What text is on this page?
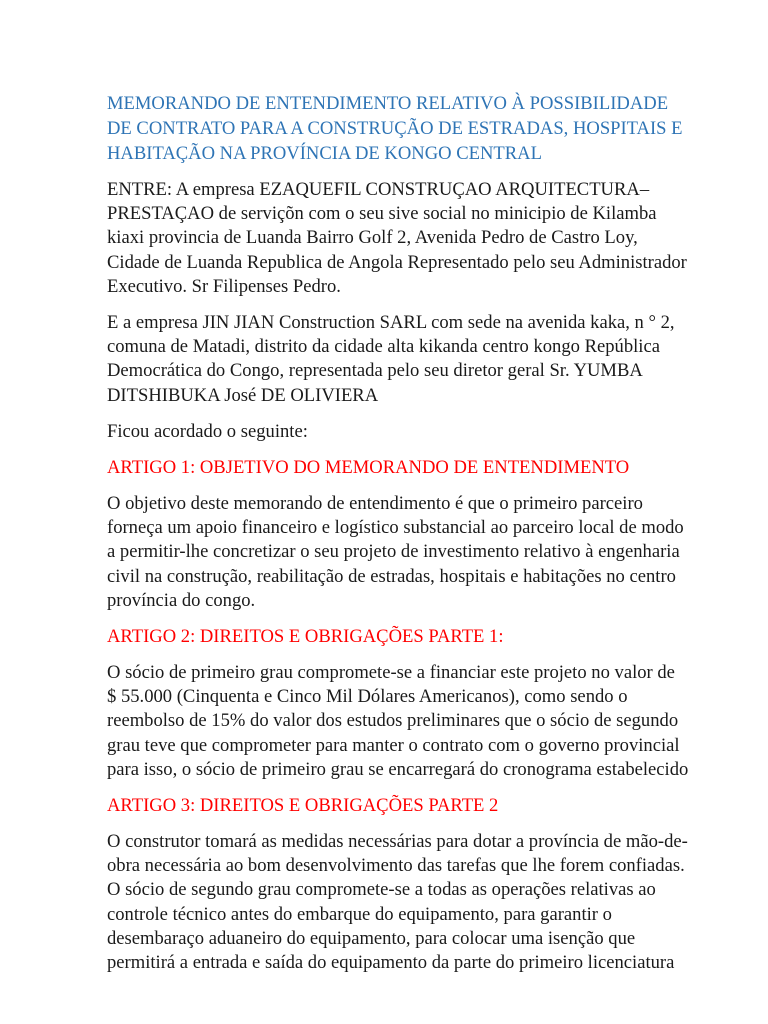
MEMORANDO DE ENTENDIMENTO RELATIVO À POSSIBILIDADE
DE CONTRATO PARA A CONSTRUÇÃO DE ESTRADAS, HOSPITAIS E
HABITAÇÃO NA PROVÍNCIA DE KONGO CENTRAL

ENTRE: A empresa EZAQUEFIL CONSTRUÇAO ARQUITECTURA–
PRESTAÇAO de serviçõn com o seu sive social no minicipio de Kilamba
kiaxi provincia de Luanda Bairro Golf 2, Avenida Pedro de Castro Loy,
Cidade de Luanda Republica de Angola Representado pelo seu Administrador
Executivo. Sr Filipenses Pedro.

E a empresa JIN JIAN Construction SARL com sede na avenida kaka, n ° 2,
comuna de Matadi, distrito da cidade alta kikanda centro kongo República
Democrática do Congo, representada pelo seu diretor geral Sr. YUMBA
DITSHIBUKA José DE OLIVIERA

Ficou acordado o seguinte:

ARTIGO 1: OBJETIVO DO MEMORANDO DE ENTENDIMENTO

O objetivo deste memorando de entendimento é que o primeiro parceiro
forneça um apoio financeiro e logístico substancial ao parceiro local de modo
a permitir-lhe concretizar o seu projeto de investimento relativo à engenharia
civil na construção, reabilitação de estradas, hospitais e habitações no centro
província do congo.

ARTIGO 2: DIREITOS E OBRIGAÇÕES PARTE 1:

O sócio de primeiro grau compromete-se a financiar este projeto no valor de
$ 55.000 (Cinquenta e Cinco Mil Dólares Americanos), como sendo o
reembolso de 15% do valor dos estudos preliminares que o sócio de segundo
grau teve que comprometer para manter o contrato com o governo provincial
para isso, o sócio de primeiro grau se encarregará do cronograma estabelecido

ARTIGO 3: DIREITOS E OBRIGAÇÕES PARTE 2

O construtor tomará as medidas necessárias para dotar a província de mão-de-
obra necessária ao bom desenvolvimento das tarefas que lhe forem confiadas.
O sócio de segundo grau compromete-se a todas as operações relativas ao
controle técnico antes do embarque do equipamento, para garantir o
desembaraço aduaneiro do equipamento, para colocar uma isenção que
permitirá a entrada e saída do equipamento da parte do primeiro licenciatura
